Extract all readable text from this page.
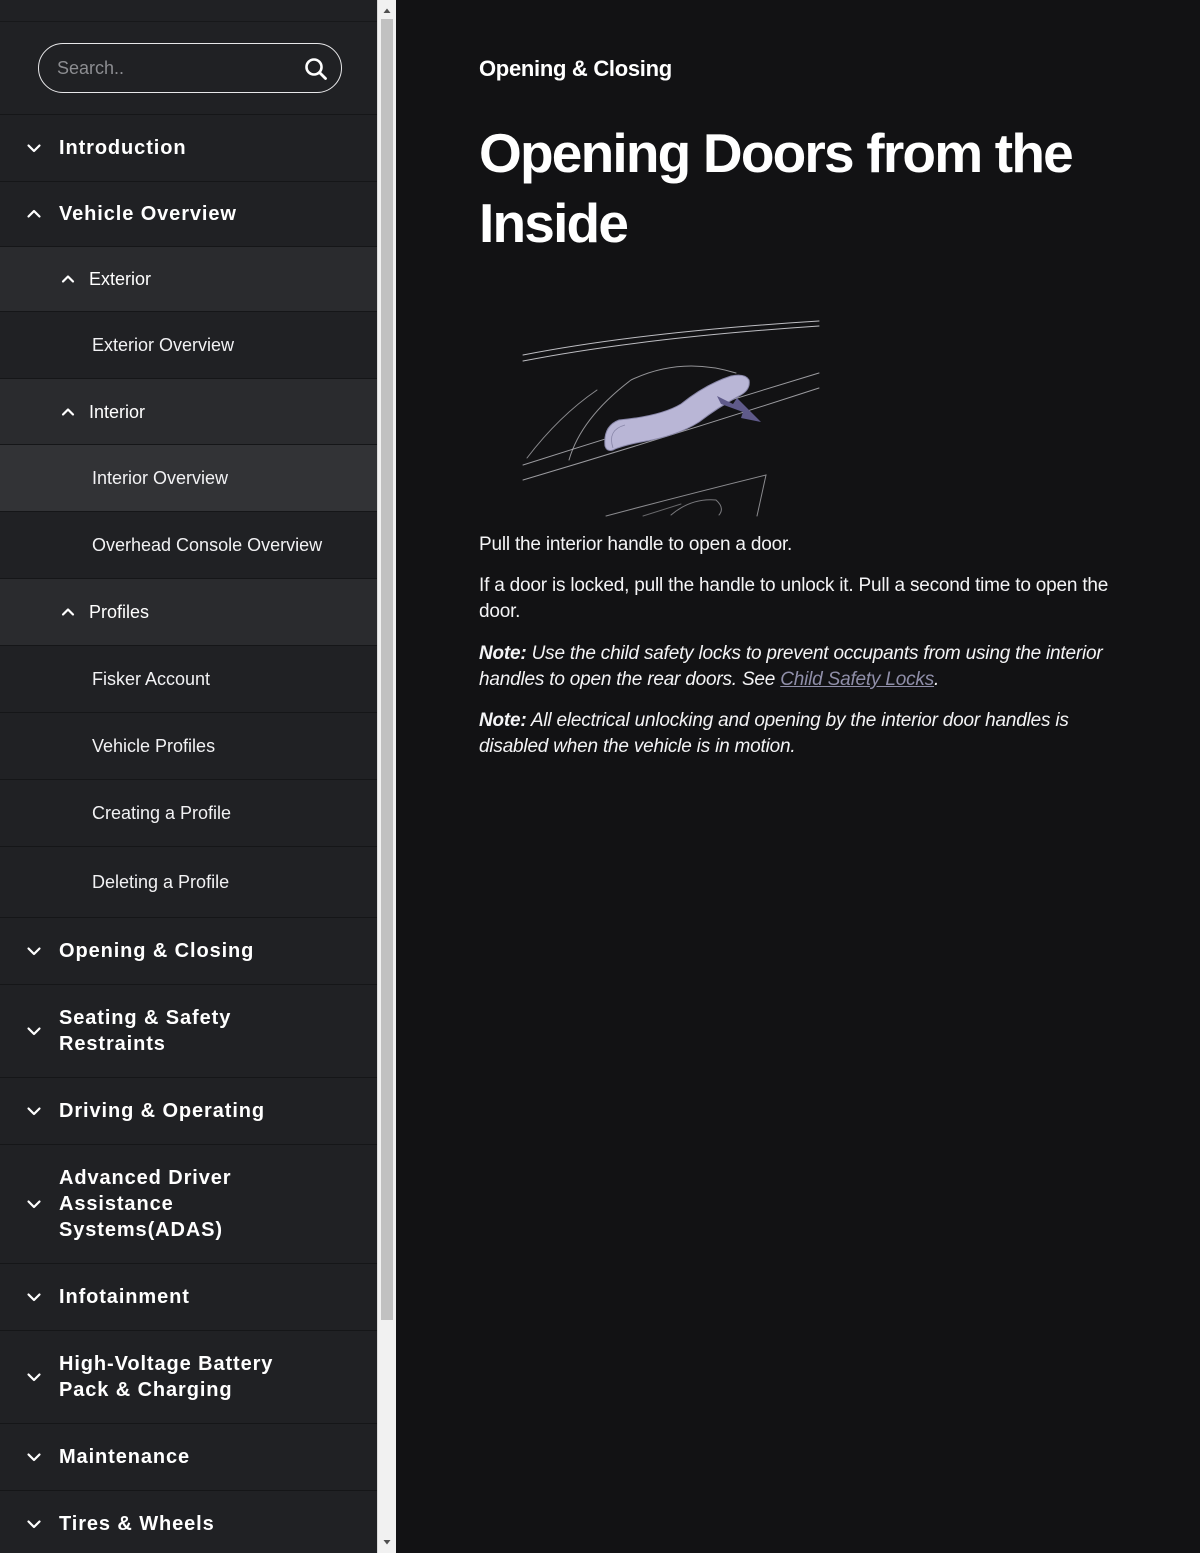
Search..
Introduction
Vehicle Overview
Exterior
Exterior Overview
Interior
Interior Overview
Overhead Console Overview
Profiles
Fisker Account
Vehicle Profiles
Creating a Profile
Deleting a Profile
Opening & Closing
Seating & Safety Restraints
Driving & Operating
Advanced Driver Assistance Systems(ADAS)
Infotainment
High-Voltage Battery Pack & Charging
Maintenance
Tires & Wheels
Opening & Closing
Opening Doors from the Inside

Pull the interior handle to open a door.

If a door is locked, pull the handle to unlock it. Pull a second time to open the door.

Note: Use the child safety locks to prevent occupants from using the interior handles to open the rear doors. See Child Safety Locks.

Note: All electrical unlocking and opening by the interior door handles is disabled when the vehicle is in motion.
